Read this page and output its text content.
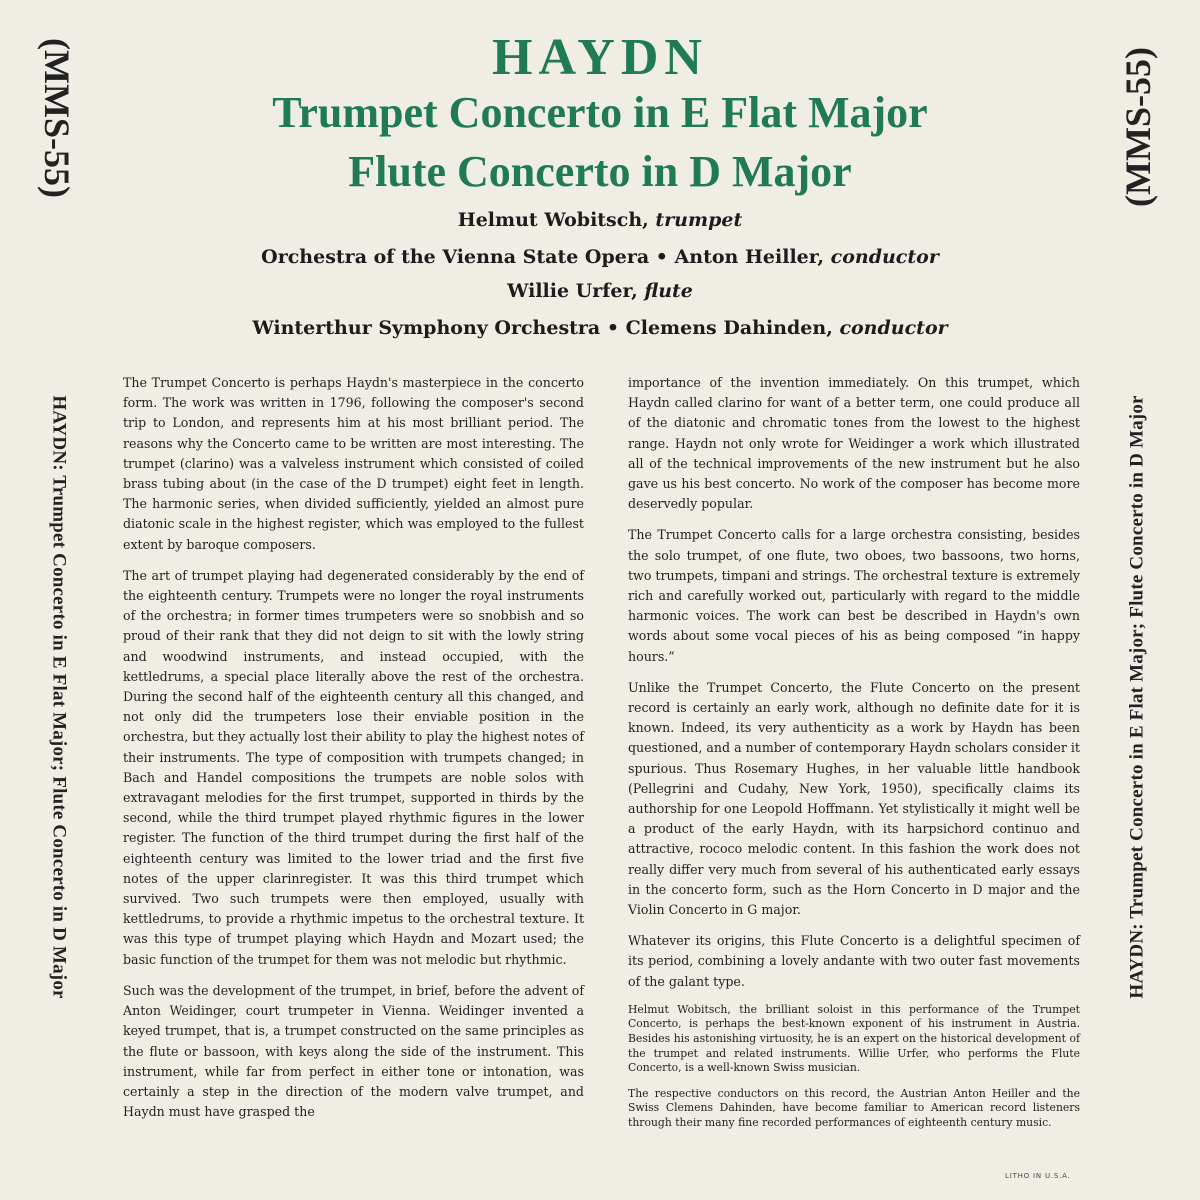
(MMS-55)	(MMS-55)
HAYDN: Trumpet Concerto in E Flat Major; Flute Concerto in D Major	HAYDN: Trumpet Concerto in E Flat Major; Flute Concerto in D Major
HAYDN
Trumpet Concerto in E Flat Major
Flute Concerto in D Major
Helmut Wobitsch, trumpet
Orchestra of the Vienna State Opera • Anton Heiller, conductor
Willie Urfer, flute
Winterthur Symphony Orchestra • Clemens Dahinden, conductor

The Trumpet Concerto is perhaps Haydn's masterpiece in the concerto form. The work was written in 1796, following the composer's second trip to London, and represents him at his most brilliant period. The reasons why the Concerto came to be written are most interesting. The trumpet (clarino) was a valveless instrument which consisted of coiled brass tubing about (in the case of the D trumpet) eight feet in length. The harmonic series, when divided sufficiently, yielded an almost pure diatonic scale in the highest register, which was employed to the fullest extent by baroque composers.

The art of trumpet playing had degenerated considerably by the end of the eighteenth century. Trumpets were no longer the royal instruments of the orchestra; in former times trumpeters were so snobbish and so proud of their rank that they did not deign to sit with the lowly string and woodwind instruments, and instead occupied, with the kettledrums, a special place literally above the rest of the orchestra. During the second half of the eighteenth century all this changed, and not only did the trumpeters lose their enviable position in the orchestra, but they actually lost their ability to play the highest notes of their instruments. The type of composition with trumpets changed; in Bach and Handel compositions the trumpets are noble solos with extravagant melodies for the first trumpet, supported in thirds by the second, while the third trumpet played rhythmic figures in the lower register. The function of the third trumpet during the first half of the eighteenth century was limited to the lower triad and the first five notes of the upper clarinregister. It was this third trumpet which survived. Two such trumpets were then employed, usually with kettledrums, to provide a rhythmic impetus to the orchestral texture. It was this type of trumpet playing which Haydn and Mozart used; the basic function of the trumpet for them was not melodic but rhythmic.

Such was the development of the trumpet, in brief, before the advent of Anton Weidinger, court trumpeter in Vienna. Weidinger invented a keyed trumpet, that is, a trumpet constructed on the same principles as the flute or bassoon, with keys along the side of the instrument. This instrument, while far from perfect in either tone or intonation, was certainly a step in the direction of the modern valve trumpet, and Haydn must have grasped the

importance of the invention immediately. On this trumpet, which Haydn called clarino for want of a better term, one could produce all of the diatonic and chromatic tones from the lowest to the highest range. Haydn not only wrote for Weidinger a work which illustrated all of the technical improvements of the new instrument but he also gave us his best concerto. No work of the composer has become more deservedly popular.

The Trumpet Concerto calls for a large orchestra consisting, besides the solo trumpet, of one flute, two oboes, two bassoons, two horns, two trumpets, timpani and strings. The orchestral texture is extremely rich and carefully worked out, particularly with regard to the middle harmonic voices. The work can best be described in Haydn's own words about some vocal pieces of his as being composed “in happy hours.”

Unlike the Trumpet Concerto, the Flute Concerto on the present record is certainly an early work, although no definite date for it is known. Indeed, its very authenticity as a work by Haydn has been questioned, and a number of contemporary Haydn scholars consider it spurious. Thus Rosemary Hughes, in her valuable little handbook (Pellegrini and Cudahy, New York, 1950), specifically claims its authorship for one Leopold Hoffmann. Yet stylistically it might well be a product of the early Haydn, with its harpsichord continuo and attractive, rococo melodic content. In this fashion the work does not really differ very much from several of his authenticated early essays in the concerto form, such as the Horn Concerto in D major and the Violin Concerto in G major.

Whatever its origins, this Flute Concerto is a delightful specimen of its period, combining a lovely andante with two outer fast movements of the galant type.

Helmut Wobitsch, the brilliant soloist in this performance of the Trumpet Concerto, is perhaps the best-known exponent of his instrument in Austria. Besides his astonishing virtuosity, he is an expert on the historical development of the trumpet and related instruments. Willie Urfer, who performs the Flute Concerto, is a well-known Swiss musician.

The respective conductors on this record, the Austrian Anton Heiller and the Swiss Clemens Dahinden, have become familiar to American record listeners through their many fine recorded performances of eighteenth century music.

LITHO IN U.S.A.
